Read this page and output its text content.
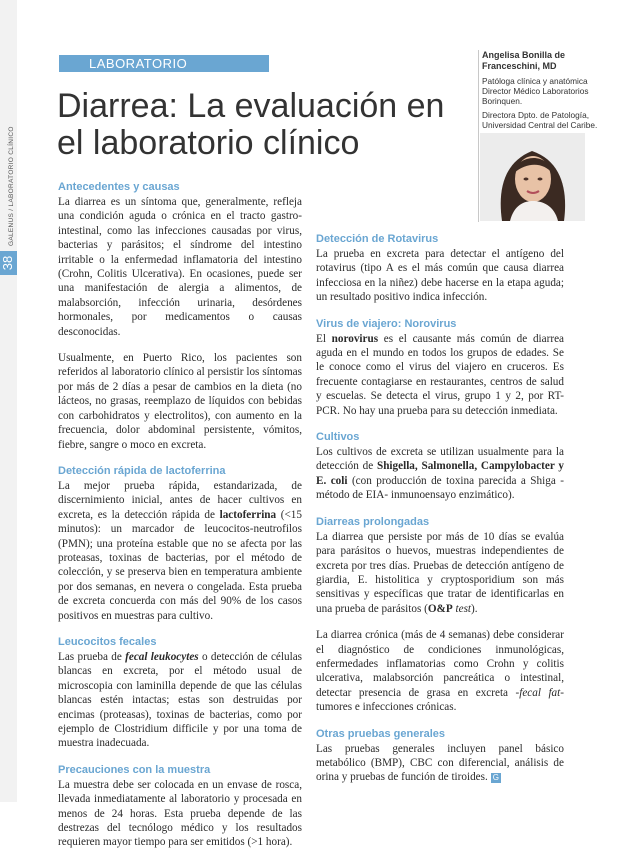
GALENUS / LABORATORIO CLÍNICO
38
LABORATORIO
Diarrea: La evaluación en el laboratorio clínico

Angelisa Bonilla de Franceschini, MD

Patóloga clínica y anatómica Director Médico Laboratorios Borinquen.

Directora Dpto. de Patología, Universidad Central del Caribe.

Antecedentes y causas

La diarrea es un síntoma que, generalmente, refleja una condición aguda o crónica en el tracto gastro-intestinal, como las infecciones causadas por virus, bacterias y parásitos; el síndrome del intestino irritable o la enfermedad inflamatoria del intestino (Crohn, Colitis Ulcerativa). En ocasiones, puede ser una manifestación de alergia a alimentos, de malabsorción, infección urinaria, desórdenes hormonales, por medicamentos o causas desconocidas.

Usualmente, en Puerto Rico, los pacientes son referidos al laboratorio clínico al persistir los síntomas por más de 2 días a pesar de cambios en la dieta (no lácteos, no grasas, reemplazo de líquidos con bebidas con carbohidratos y electrolitos), con aumento en la frecuencia, dolor abdominal persistente, vómitos, fiebre, sangre o moco en excreta.

Detección rápida de lactoferrina

La mejor prueba rápida, estandarizada, de discernimiento inicial, antes de hacer cultivos en excreta, es la detección rápida de lactoferrina (<15 minutos): un marcador de leucocitos-neutrofilos (PMN); una proteína estable que no se afecta por las proteasas, toxinas de bacterias, por el método de colección, y se preserva bien en temperatura ambiente por dos semanas, en nevera o congelada. Esta prueba de excreta concuerda con más del 90% de los casos positivos en muestras para cultivo.

Leucocitos fecales

Las prueba de fecal leukocytes o detección de células blancas en excreta, por el método usual de microscopia con laminilla depende de que las células blancas estén intactas; estas son destruidas por encimas (proteasas), toxinas de bacterias, como por ejemplo de Clostridium difficile y por una toma de muestra inadecuada.

Precauciones con la muestra

La muestra debe ser colocada en un envase de rosca, llevada inmediatamente al laboratorio y procesada en menos de 24 horas. Esta prueba depende de las destrezas del tecnólogo médico y los resultados requieren mayor tiempo para ser emitidos (>1 hora).

Detección de Rotavirus

La prueba en excreta para detectar el antígeno del rotavirus (tipo A es el más común que causa diarrea infecciosa en la niñez) debe hacerse en la etapa aguda; un resultado positivo indica infección.

Virus de viajero: Norovirus

El norovirus es el causante más común de diarrea aguda en el mundo en todos los grupos de edades. Se le conoce como el virus del viajero en cruceros. Es frecuente contagiarse en restaurantes, centros de salud y escuelas. Se detecta el virus, grupo 1 y 2, por RT-PCR. No hay una prueba para su detección inmediata.

Cultivos

Los cultivos de excreta se utilizan usualmente para la detección de Shigella, Salmonella, Campylobacter y E. coli (con producción de toxina parecida a Shiga -método de EIA- inmunoensayo enzimático).

Diarreas prolongadas

La diarrea que persiste por más de 10 días se evalúa para parásitos o huevos, muestras independientes de excreta por tres días. Pruebas de detección antígeno de giardia, E. histolitica y cryptosporidium son más sensitivas y específicas que tratar de identificarlas en una prueba de parásitos (O&P test).

La diarrea crónica (más de 4 semanas) debe considerar el diagnóstico de condiciones inmunológicas, enfermedades inflamatorias como Crohn y colitis ulcerativa, malabsorción pancreática o intestinal, detectar presencia de grasa en excreta -fecal fat- tumores e infecciones crónicas.

Otras pruebas generales

Las pruebas generales incluyen panel básico metabólico (BMP), CBC con diferencial, análisis de orina y pruebas de función de tiroides. G
